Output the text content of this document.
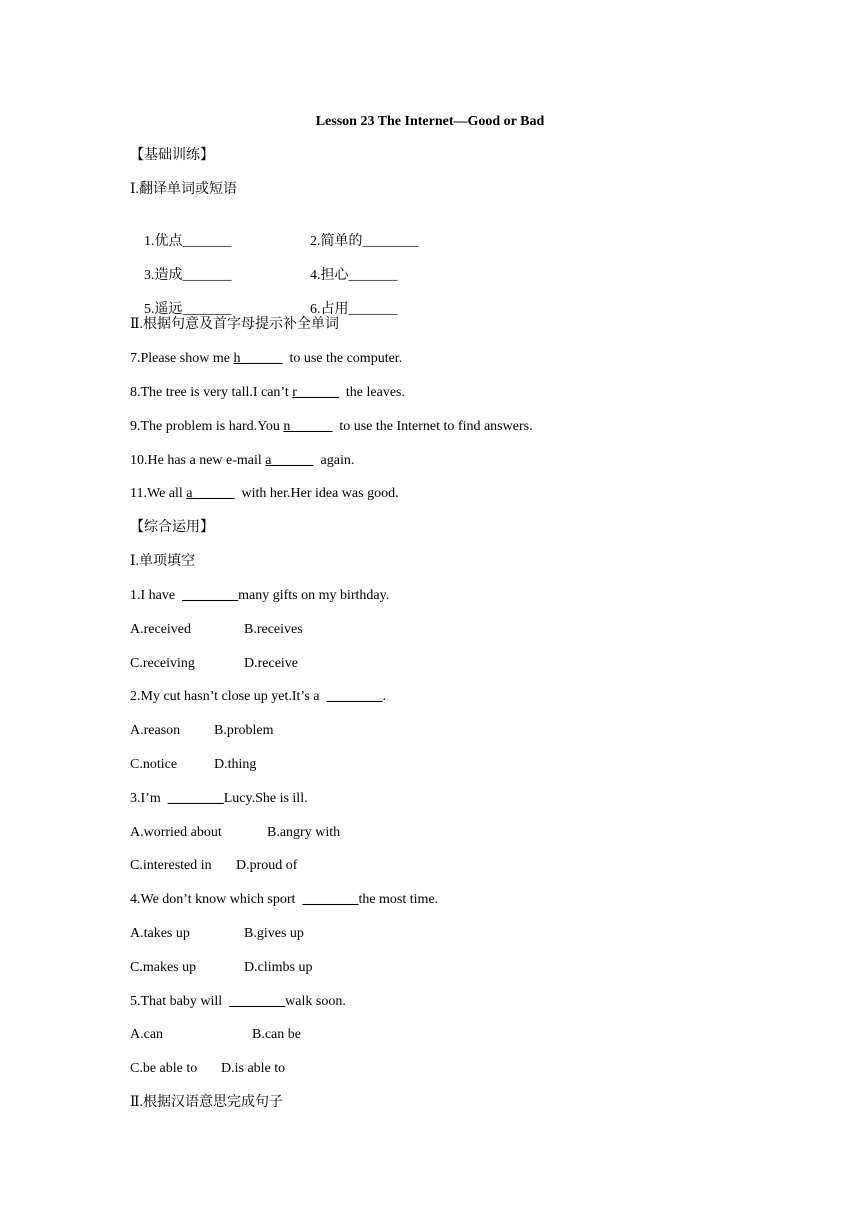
Lesson 23 The Internet—Good or Bad
【基础训练】
Ⅰ.翻译单词或短语

1.优点_______
	2.简单的________

3.造成_______
	4.担心_______

5.遥远_______
	6.占用_______

Ⅱ.根据句意及首字母提示补全单词
7.Please show me h______  to use the computer.
8.The tree is very tall.I can’t r______  the leaves.
9.The problem is hard.You n______  to use the Internet to find answers.
10.He has a new e-mail a______  again.
11.We all a______  with her.Her idea was good.
【综合运用】
Ⅰ.单项填空
1.I have  ________many gifts on my birthday.
A.received	B.receives
C.receiving	D.receive
2.My cut hasn’t close up yet.It’s a  ________.
A.reason B.problem
C.notice	D.thing
3.I’m  ________Lucy.She is ill.
A.worried about	B.angry with
C.interested in D.proud of
4.We don’t know which sport  ________the most time.
A.takes up	B.gives up
C.makes up	D.climbs up
5.That baby will  ________walk soon.
A.can	B.can be
C.be able to D.is able to
Ⅱ.根据汉语意思完成句子
